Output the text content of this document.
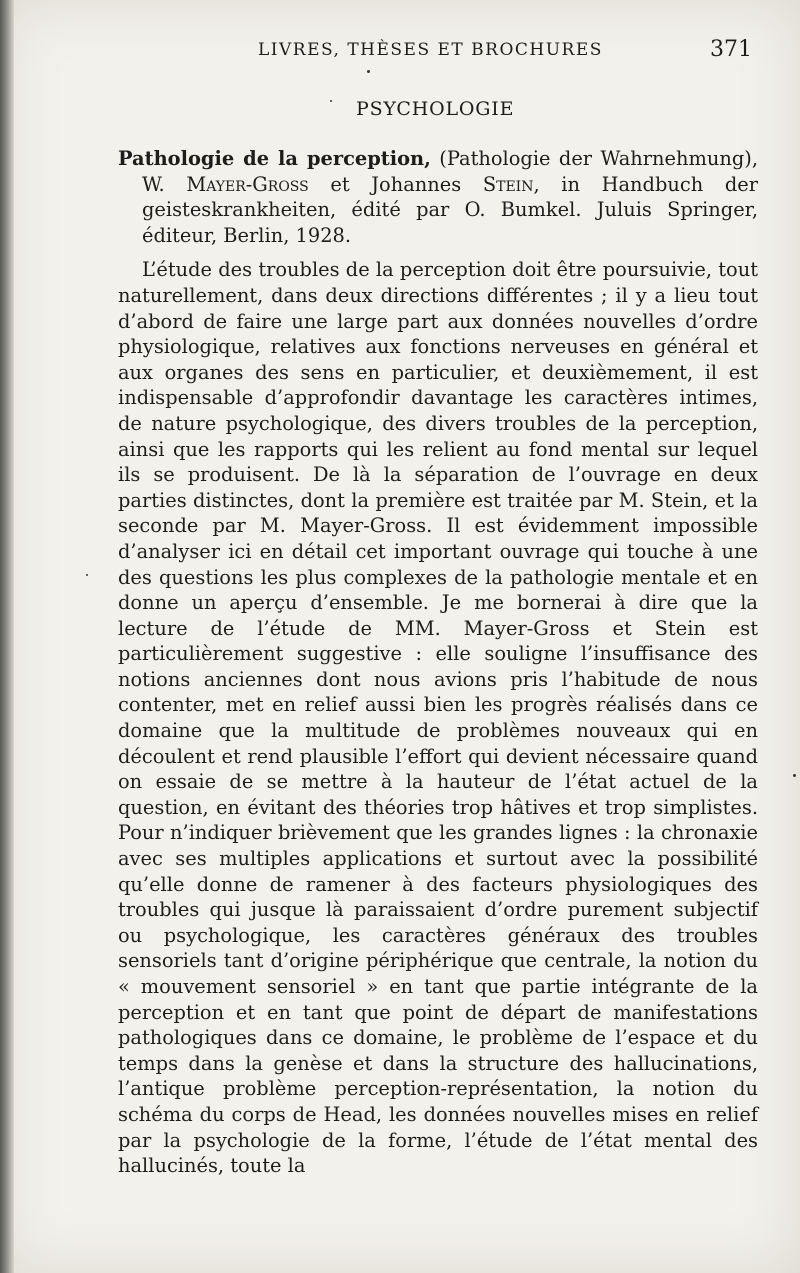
LIVRES, THÈSES ET BROCHURES	371
PSYCHOLOGIE

Pathologie de la perception, (Pathologie der Wahrnehmung), W. Mayer-Gross et Johannes Stein, in Handbuch der geisteskrankheiten, édité par O. Bumkel. Juluis Springer, éditeur, Berlin, 1928.

L’étude des troubles de la perception doit être poursuivie, tout naturellement, dans deux directions différentes ; il y a lieu tout d’abord de faire une large part aux données nouvelles d’ordre physiologique, relatives aux fonctions nerveuses en général et aux organes des sens en particulier, et deuxièmement, il est indispensable d’approfondir davantage les caractères intimes, de nature psychologique, des divers troubles de la perception, ainsi que les rapports qui les relient au fond mental sur lequel ils se produisent. De là la séparation de l’ouvrage en deux parties distinctes, dont la première est traitée par M. Stein, et la seconde par M. Mayer-Gross. Il est évidemment impossible d’analyser ici en détail cet important ouvrage qui touche à une des questions les plus complexes de la pathologie mentale et en donne un aperçu d’ensemble. Je me bornerai à dire que la lecture de l’étude de MM. Mayer-Gross et Stein est particulièrement suggestive : elle souligne l’insuffisance des notions anciennes dont nous avions pris l’habitude de nous contenter, met en relief aussi bien les progrès réalisés dans ce domaine que la multitude de problèmes nouveaux qui en découlent et rend plausible l’effort qui devient nécessaire quand on essaie de se mettre à la hauteur de l’état actuel de la question, en évitant des théories trop hâtives et trop simplistes. Pour n’indiquer brièvement que les grandes lignes : la chronaxie avec ses multiples applications et surtout avec la possibilité qu’elle donne de ramener à des facteurs physiologiques des troubles qui jusque là paraissaient d’ordre purement subjectif ou psychologique, les caractères généraux des troubles sensoriels tant d’origine périphérique que centrale, la notion du « mouvement sensoriel » en tant que partie intégrante de la perception et en tant que point de départ de manifestations pathologiques dans ce domaine, le problème de l’espace et du temps dans la genèse et dans la structure des hallucinations, l’antique problème perception-représentation, la notion du schéma du corps de Head, les données nouvelles mises en relief par la psychologie de la forme, l’étude de l’état mental des hallucinés, toute la
